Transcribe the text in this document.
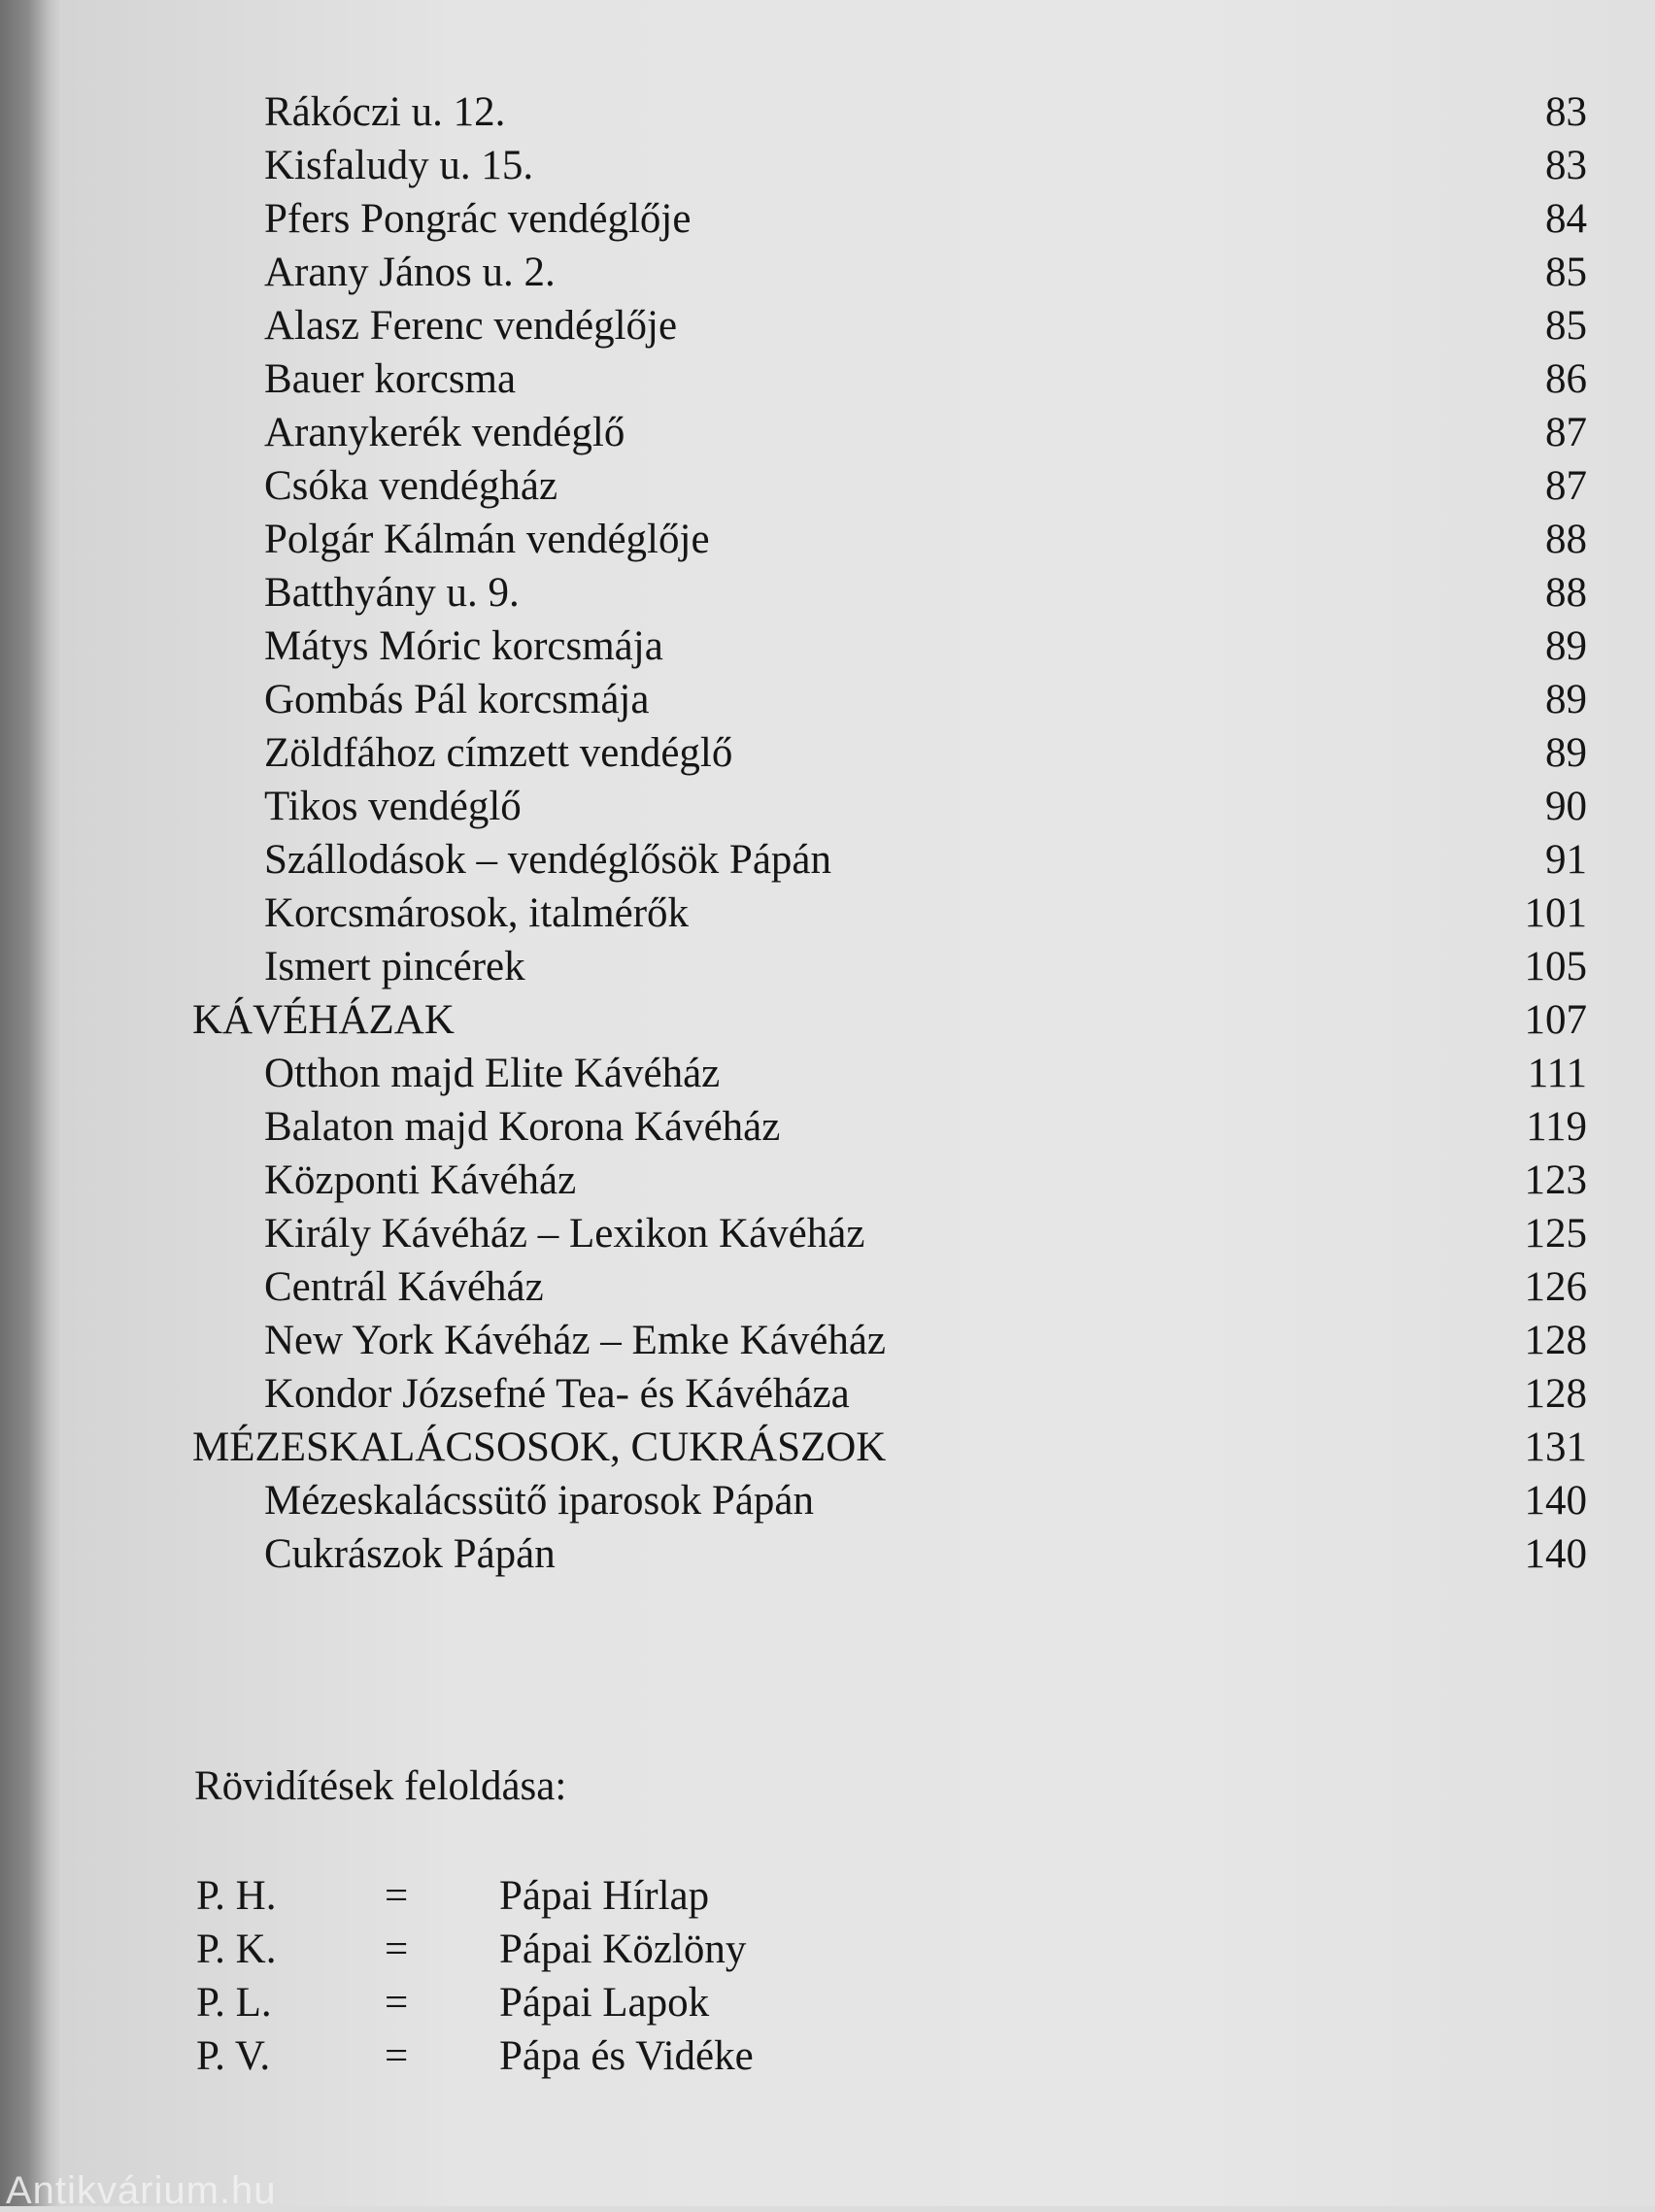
Rákóczi u. 12.	83
Kisfaludy u. 15.	83
Pfers Pongrác vendéglője	84
Arany János u. 2.	85
Alasz Ferenc vendéglője	85
Bauer korcsma	86
Aranykerék vendéglő	87
Csóka vendégház	87
Polgár Kálmán vendéglője	88
Batthyány u. 9.	88
Mátys Móric korcsmája	89
Gombás Pál korcsmája	89
Zöldfához címzett vendéglő	89
Tikos vendéglő	90
Szállodások – vendéglősök Pápán	91
Korcsmárosok, italmérők	101
Ismert pincérek	105
KÁVÉHÁZAK	107
Otthon majd Elite Kávéház	111
Balaton majd Korona Kávéház	119
Központi Kávéház	123
Király Kávéház – Lexikon Kávéház	125
Centrál Kávéház	126
New York Kávéház – Emke Kávéház	128
Kondor Józsefné Tea- és Kávéháza	128
MÉZESKALÁCSOSOK, CUKRÁSZOK	131
Mézeskalácssütő iparosok Pápán	140
Cukrászok Pápán	140
Rövidítések feloldása:
P. H.	= Pápai Hírlap
P. K.	= Pápai Közlöny
P. L.	= Pápai Lapok
P. V.	= Pápa és Vidéke
Antikvárium.hu
